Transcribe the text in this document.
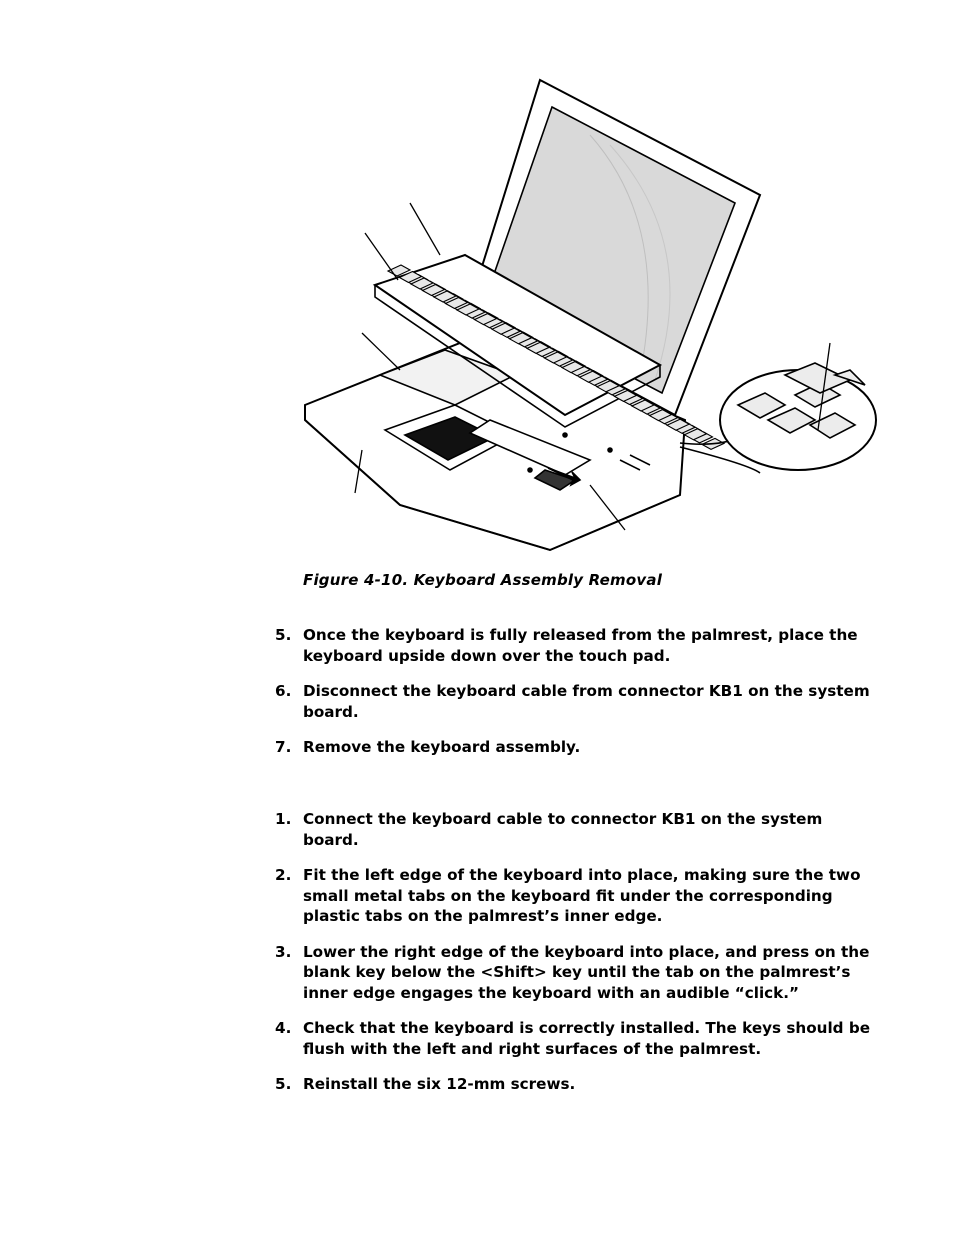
Figure 4-10. Keyboard Assembly Removal
5. Once the keyboard is fully released from the palmrest, place the keyboard upside down over the touch pad.
6. Disconnect the keyboard cable from connector KB1 on the system board.
7. Remove the keyboard assembly.
1. Connect the keyboard cable to connector KB1 on the system board.
2. Fit the left edge of the keyboard into place, making sure the two small metal tabs on the keyboard fit under the corresponding plastic tabs on the palmrest’s inner edge.
3. Lower the right edge of the keyboard into place, and press on the blank key below the <Shift> key until the tab on the palmrest’s inner edge engages the keyboard with an audible “click.”
4. Check that the keyboard is correctly installed. The keys should be flush with the left and right surfaces of the palmrest.
5. Reinstall the six 12-mm screws.
